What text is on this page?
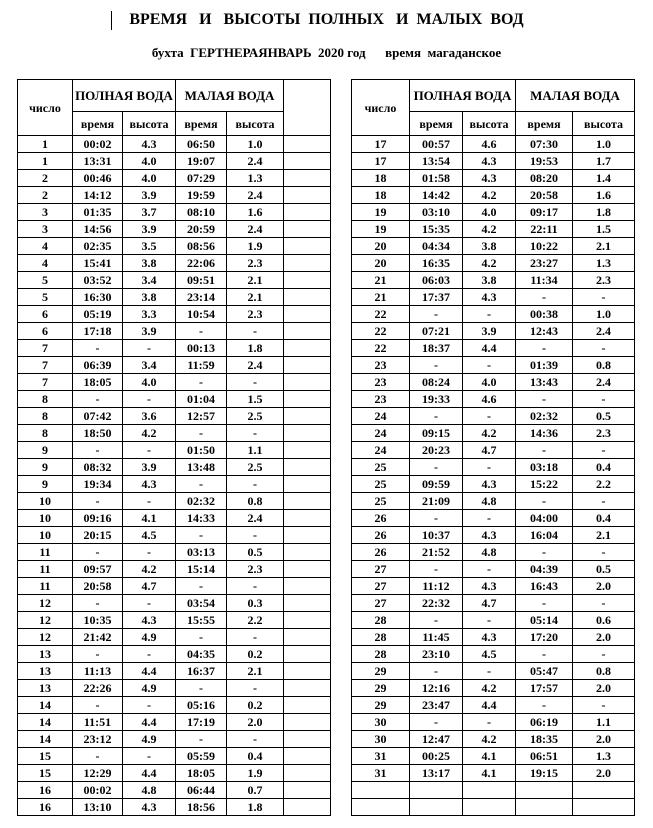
ВРЕМЯ   И   ВЫСОТЫ  ПОЛНЫХ   И  МАЛЫХ  ВОД
бухта  ГЕРТНЕРАЯНВАРЬ  2020 год      время  магаданское
число	ПОЛНАЯ ВОДА		МАЛАЯ ВОДА		
	время	высота	время	высота	
1	00:02	4.3	06:50	1.0	
1	13:31	4.0	19:07	2.4	
2	00:46	4.0	07:29	1.3	
2	14:12	3.9	19:59	2.4	
3	01:35	3.7	08:10	1.6	
3	14:56	3.9	20:59	2.4	
4	02:35	3.5	08:56	1.9	
4	15:41	3.8	22:06	2.3	
5	03:52	3.4	09:51	2.1	
5	16:30	3.8	23:14	2.1	
6	05:19	3.3	10:54	2.3	
6	17:18	3.9	-	-	
7	-	-	00:13	1.8	
7	06:39	3.4	11:59	2.4	
7	18:05	4.0	-	-	
8	-	-	01:04	1.5	
8	07:42	3.6	12:57	2.5	
8	18:50	4.2	-	-	
9	-	-	01:50	1.1	
9	08:32	3.9	13:48	2.5	
9	19:34	4.3	-	-	
10	-	-	02:32	0.8	
10	09:16	4.1	14:33	2.4	
10	20:15	4.5	-	-	
11	-	-	03:13	0.5	
11	09:57	4.2	15:14	2.3	
11	20:58	4.7	-	-	
12	-	-	03:54	0.3	
12	10:35	4.3	15:55	2.2	
12	21:42	4.9	-	-	
13	-	-	04:35	0.2	
13	11:13	4.4	16:37	2.1	
13	22:26	4.9	-	-	
14	-	-	05:16	0.2	
14	11:51	4.4	17:19	2.0	
14	23:12	4.9	-	-	
15	-	-	05:59	0.4	
15	12:29	4.4	18:05	1.9	
16	00:02	4.8	06:44	0.7	
16	13:10	4.3	18:56	1.8	
число	ПОЛНАЯ ВОДА		МАЛАЯ ВОДА	
	время	высота	время	высота
17	00:57	4.6	07:30	1.0
17	13:54	4.3	19:53	1.7
18	01:58	4.3	08:20	1.4
18	14:42	4.2	20:58	1.6
19	03:10	4.0	09:17	1.8
19	15:35	4.2	22:11	1.5
20	04:34	3.8	10:22	2.1
20	16:35	4.2	23:27	1.3
21	06:03	3.8	11:34	2.3
21	17:37	4.3	-	-
22	-	-	00:38	1.0
22	07:21	3.9	12:43	2.4
22	18:37	4.4	-	-
23	-	-	01:39	0.8
23	08:24	4.0	13:43	2.4
23	19:33	4.6	-	-
24	-	-	02:32	0.5
24	09:15	4.2	14:36	2.3
24	20:23	4.7	-	-
25	-	-	03:18	0.4
25	09:59	4.3	15:22	2.2
25	21:09	4.8	-	-
26	-	-	04:00	0.4
26	10:37	4.3	16:04	2.1
26	21:52	4.8	-	-
27	-	-	04:39	0.5
27	11:12	4.3	16:43	2.0
27	22:32	4.7	-	-
28	-	-	05:14	0.6
28	11:45	4.3	17:20	2.0
28	23:10	4.5	-	-
29	-	-	05:47	0.8
29	12:16	4.2	17:57	2.0
29	23:47	4.4	-	-
30	-	-	06:19	1.1
30	12:47	4.2	18:35	2.0
31	00:25	4.1	06:51	1.3
31	13:17	4.1	19:15	2.0
